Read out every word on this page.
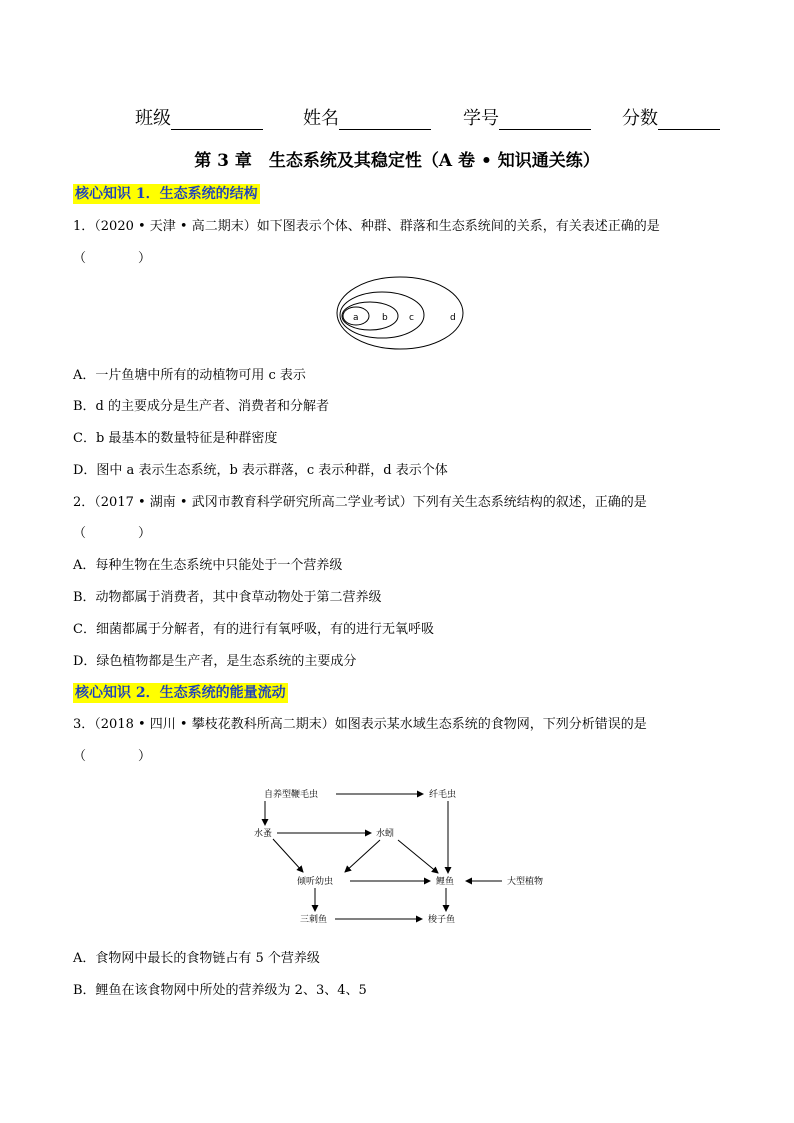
班级	姓名	学号	分数
第 3 章　生态系统及其稳定性（A 卷 • 知识通关练）
核心知识 1．生态系统的结构
1．（2020 • 天津 • 高二期末）如下图表示个体、种群、群落和生态系统间的关系，有关表述正确的是
（　　　　）
a	b c	d
A．一片鱼塘中所有的动植物可用 c 表示
B．d 的主要成分是生产者、消费者和分解者
C．b 最基本的数量特征是种群密度
D．图中 a 表示生态系统，b 表示群落，c 表示种群，d 表示个体
2．（2017 • 湖南 • 武冈市教育科学研究所高二学业考试）下列有关生态系统结构的叙述，正确的是
（　　　　）
A．每种生物在生态系统中只能处于一个营养级
B．动物都属于消费者，其中食草动物处于第二营养级
C．细菌都属于分解者，有的进行有氧呼吸，有的进行无氧呼吸
D．绿色植物都是生产者，是生态系统的主要成分
核心知识 2．生态系统的能量流动
3．（2018 • 四川 • 攀枝花教科所高二期末）如图表示某水域生态系统的食物网，下列分析错误的是
（　　　　）
自养型鞭毛虫	纤毛虫
水蚤	水蚓
倾听幼虫	鲤鱼	大型植物
三刺鱼	梭子鱼
A．食物网中最长的食物链占有 5 个营养级
B．鲤鱼在该食物网中所处的营养级为 2、3、4、5
